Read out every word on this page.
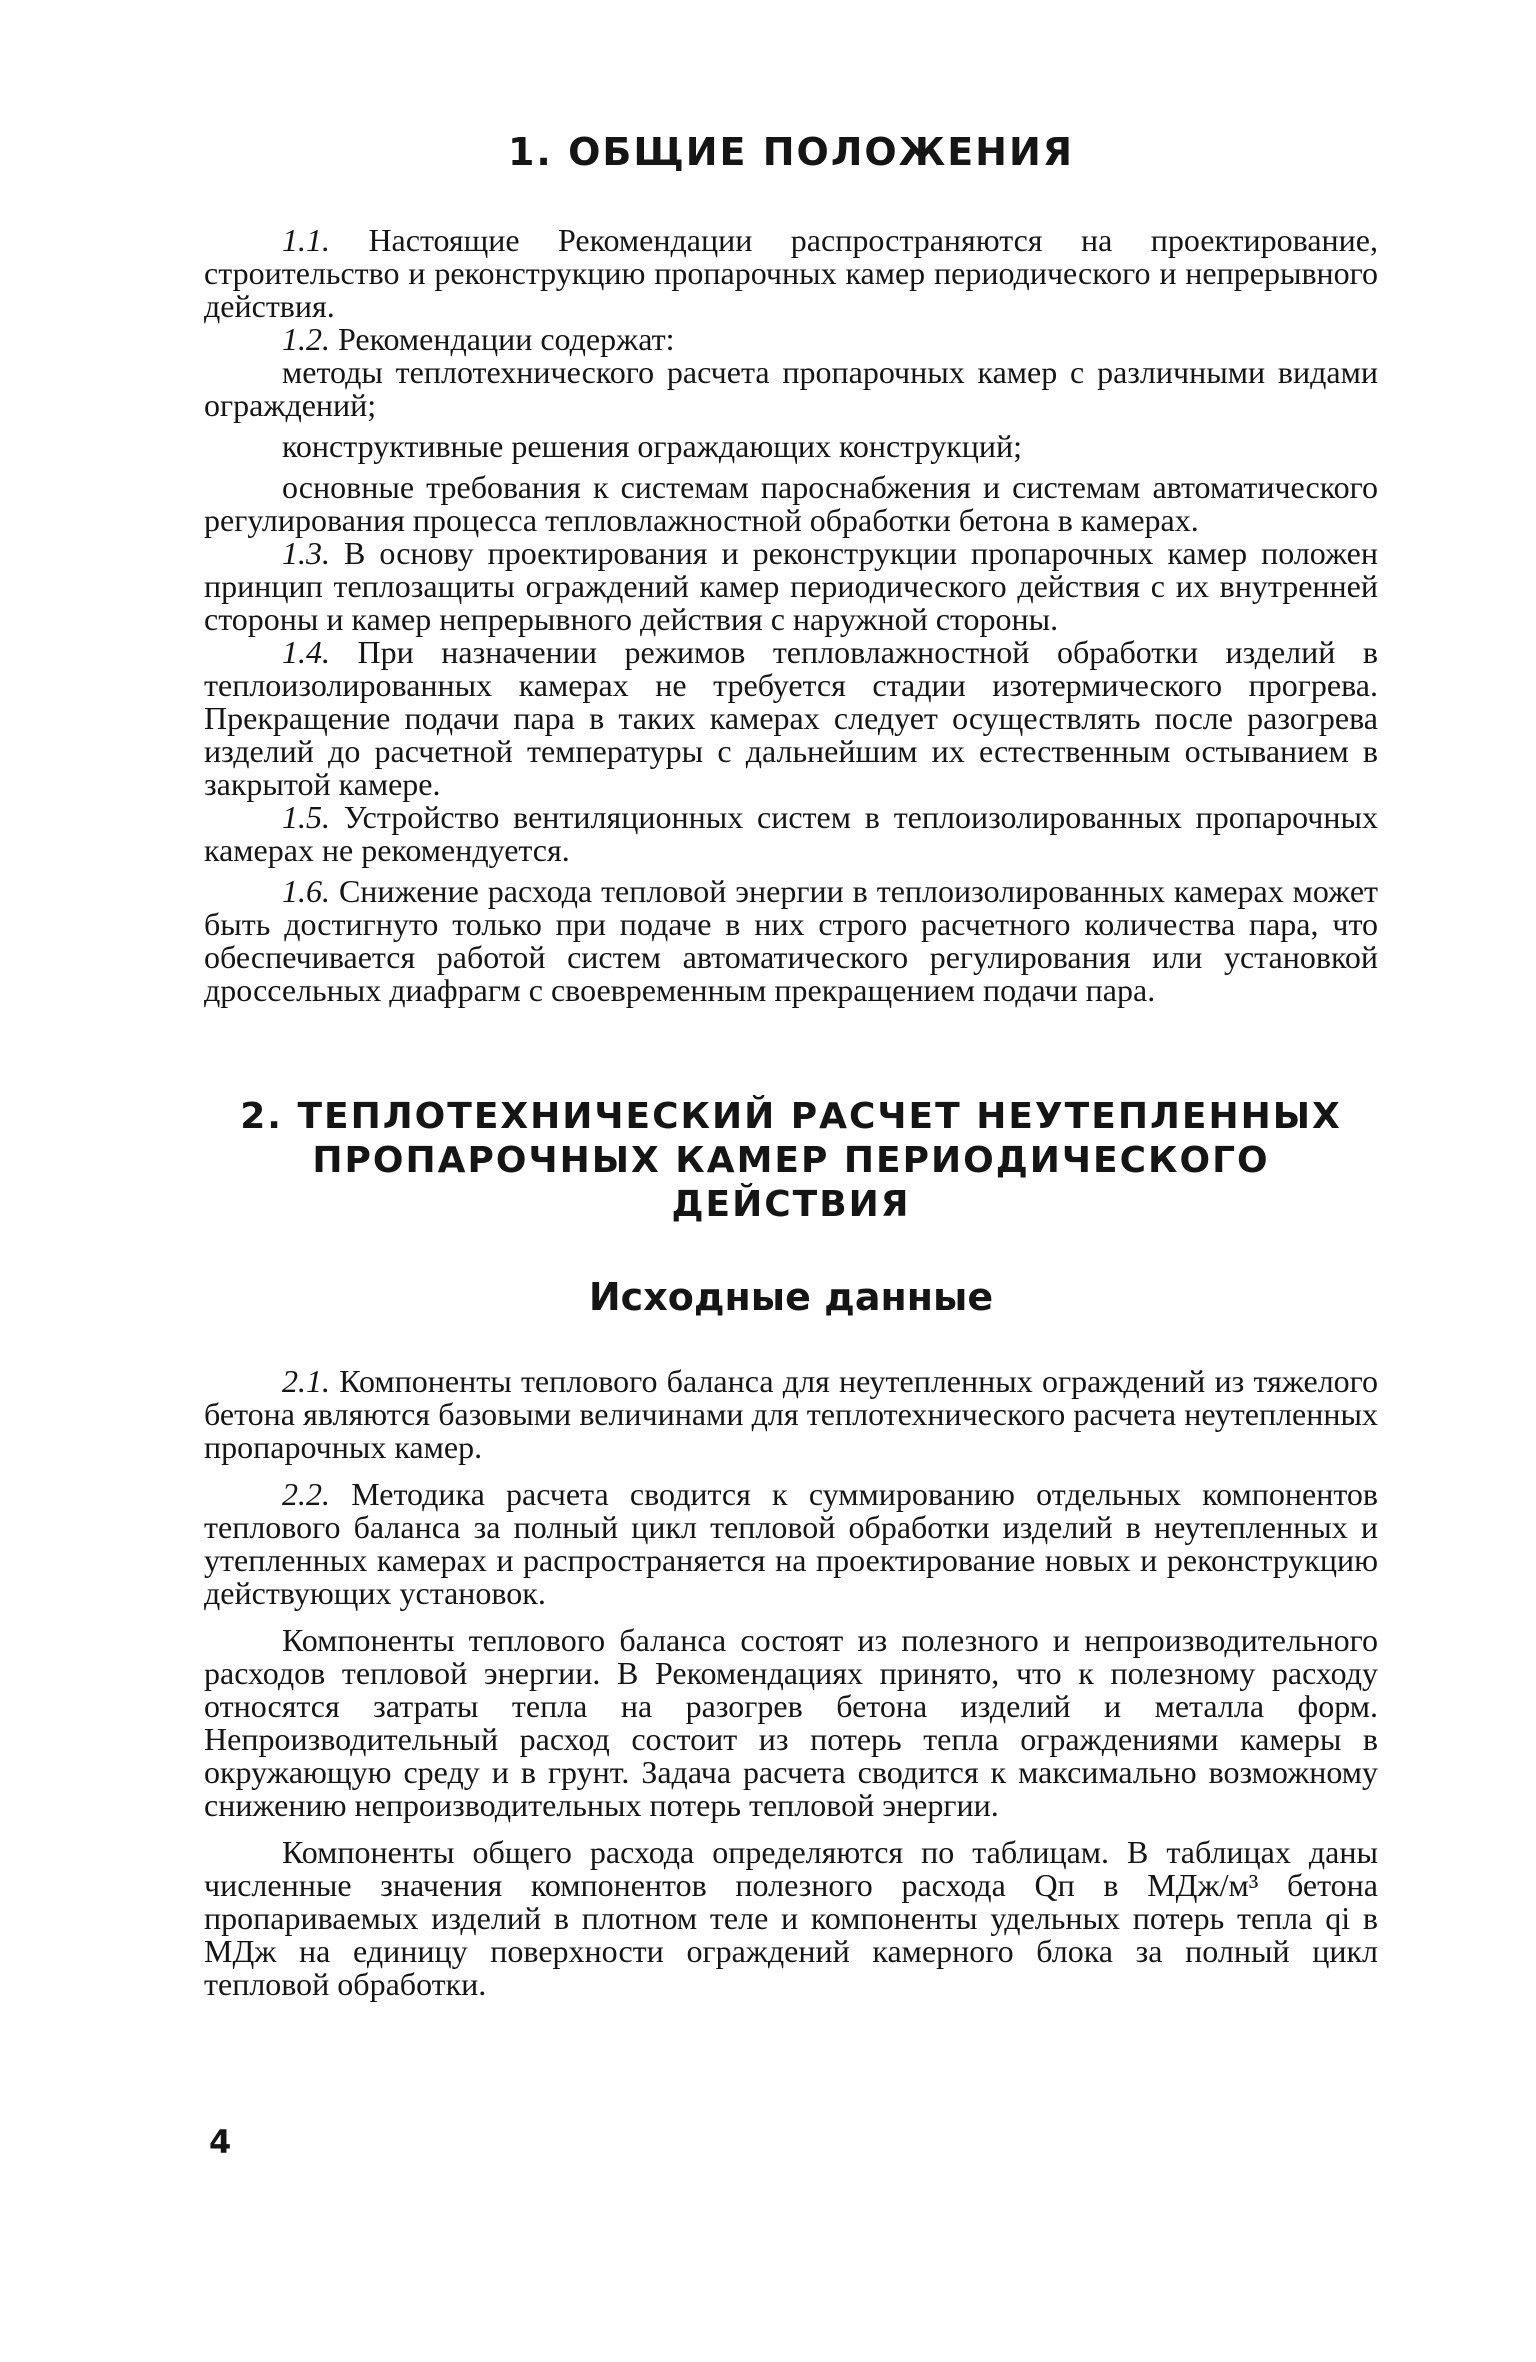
1. ОБЩИЕ ПОЛОЖЕНИЯ

1.1. Настоящие Рекомендации распространяются на проектирование, строительство и реконструкцию пропарочных камер периодического и непрерывного действия.

1.2. Рекомендации содержат:

методы теплотехнического расчета пропарочных камер с различными видами ограждений;

конструктивные решения ограждающих конструкций;

основные требования к системам пароснабжения и системам автоматического регулирования процесса тепловлажностной обработки бетона в камерах.

1.3. В основу проектирования и реконструкции пропарочных камер положен принцип теплозащиты ограждений камер периодического действия с их внутренней стороны и камер непрерывного действия с наружной стороны.

1.4. При назначении режимов тепловлажностной обработки изделий в теплоизолированных камерах не требуется стадии изотермического прогрева. Прекращение подачи пара в таких камерах следует осуществлять после разогрева изделий до расчетной температуры с дальнейшим их естественным остыванием в закрытой камере.

1.5. Устройство вентиляционных систем в теплоизолированных пропарочных камерах не рекомендуется.

1.6. Снижение расхода тепловой энергии в теплоизолированных камерах может быть достигнуто только при подаче в них строго расчетного количества пара, что обеспечивается работой систем автоматического регулирования или установкой дроссельных диафрагм с своевременным прекращением подачи пара.

2. ТЕПЛОТЕХНИЧЕСКИЙ РАСЧЕТ НЕУТЕПЛЕННЫХ
ПРОПАРОЧНЫХ КАМЕР ПЕРИОДИЧЕСКОГО ДЕЙСТВИЯ
Исходные данные

2.1. Компоненты теплового баланса для неутепленных ограждений из тяжелого бетона являются базовыми величинами для теплотехнического расчета неутепленных пропарочных камер.

2.2. Методика расчета сводится к суммированию отдельных компонентов теплового баланса за полный цикл тепловой обработки изделий в неутепленных и утепленных камерах и распространяется на проектирование новых и реконструкцию действующих установок.

Компоненты теплового баланса состоят из полезного и непроизводительного расходов тепловой энергии. В Рекомендациях принято, что к полезному расходу относятся затраты тепла на разогрев бетона изделий и металла форм. Непроизводительный расход состоит из потерь тепла ограждениями камеры в окружающую среду и в грунт. Задача расчета сводится к максимально возможному снижению непроизводительных потерь тепловой энергии.

Компоненты общего расхода определяются по таблицам. В таблицах даны численные значения компонентов полезного расхода Qп в МДж/м³ бетона пропариваемых изделий в плотном теле и компоненты удельных потерь тепла qi в МДж на единицу поверхности ограждений камерного блока за полный цикл тепловой обработки.

4
